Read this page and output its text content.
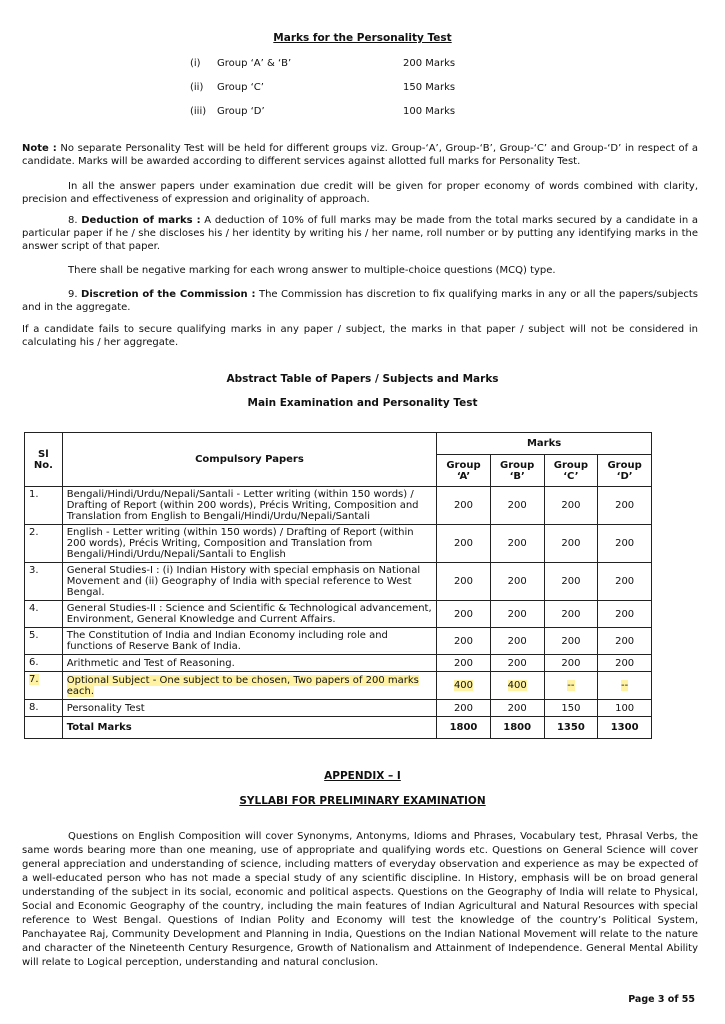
Marks for the Personality Test
(i) Group ‘A’ & ‘B’	200 Marks
(ii) Group ‘C’	150 Marks
(iii) Group ‘D’	100 Marks
Note : No separate Personality Test will be held for different groups viz. Group-‘A’, Group-‘B’, Group-‘C’ and Group-‘D’ in respect of a candidate. Marks will be awarded according to different services against allotted full marks for Personality Test.
In all the answer papers under examination due credit will be given for proper economy of words combined with clarity, precision and effectiveness of expression and originality of approach.
8. Deduction of marks : A deduction of 10% of full marks may be made from the total marks secured by a candidate in a particular paper if he / she discloses his / her identity by writing his / her name, roll number or by putting any identifying marks in the answer script of that paper.
There shall be negative marking for each wrong answer to multiple-choice questions (MCQ) type.
9. Discretion of the Commission : The Commission has discretion to fix qualifying marks in any or all the papers/subjects and in the aggregate.
If a candidate fails to secure qualifying marks in any paper / subject, the marks in that paper / subject will not be considered in calculating his / her aggregate.
Abstract Table of Papers / Subjects and Marks
Main Examination and Personality Test
Sl No.	Compulsory Papers	Marks			
		Group ‘A’	Group ‘B’	Group ‘C’	Group ‘D’
1.	Bengali/Hindi/Urdu/Nepali/Santali - Letter writing (within 150 words) / Drafting of Report (within 200 words), Précis Writing, Composition and Translation from English to Bengali/Hindi/Urdu/Nepali/Santali	200	200	200	200
2.	English - Letter writing (within 150 words) / Drafting of Report (within 200 words), Précis Writing, Composition and Translation from Bengali/Hindi/Urdu/Nepali/Santali to English	200	200	200	200
3.	General Studies-I : (i) Indian History with special emphasis on National Movement and (ii) Geography of India with special reference to West Bengal.	200	200	200	200
4.	General Studies-II : Science and Scientific & Technological advancement, Environment, General Knowledge and Current Affairs.	200	200	200	200
5.	The Constitution of India and Indian Economy including role and functions of Reserve Bank of India.	200	200	200	200
6.	Arithmetic and Test of Reasoning.	200	200	200	200
7.	Optional Subject - One subject to be chosen, Two papers of 200 marks each.	400	400	--	--
8.	Personality Test	200	200	150	100
	Total Marks	1800	1800	1350	1300
APPENDIX – I
SYLLABI FOR PRELIMINARY EXAMINATION
Questions on English Composition will cover Synonyms, Antonyms, Idioms and Phrases, Vocabulary test, Phrasal Verbs, the same words bearing more than one meaning, use of appropriate and qualifying words etc. Questions on General Science will cover general appreciation and understanding of science, including matters of everyday observation and experience as may be expected of a well-educated person who has not made a special study of any scientific discipline. In History, emphasis will be on broad general understanding of the subject in its social, economic and political aspects. Questions on the Geography of India will relate to Physical, Social and Economic Geography of the country, including the main features of Indian Agricultural and Natural Resources with special reference to West Bengal. Questions of Indian Polity and Economy will test the knowledge of the country’s Political System, Panchayatee Raj, Community Development and Planning in India, Questions on the Indian National Movement will relate to the nature and character of the Nineteenth Century Resurgence, Growth of Nationalism and Attainment of Independence. General Mental Ability will relate to Logical perception, understanding and natural conclusion.
Page 3 of 55
